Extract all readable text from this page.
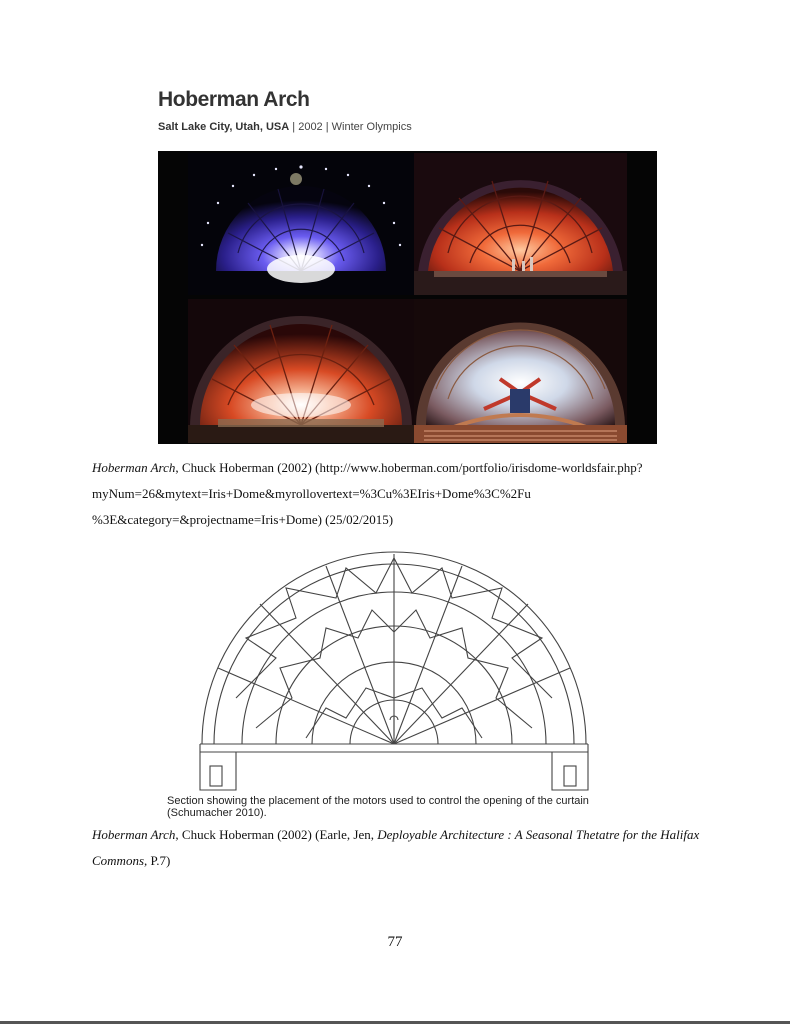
Hoberman Arch
Salt Lake City, Utah, USA | 2002 | Winter Olympics
Hoberman Arch, Chuck Hoberman (2002) (http://www.hoberman.com/portfolio/irisdome-worldsfair.php?
myNum=26&mytext=Iris+Dome&myrollovertext=%3Cu%3EIris+Dome%3C%2Fu
%3E&category=&projectname=Iris+Dome) (25/02/2015)
Section showing the placement of the motors used to control the opening of the curtain
(Schumacher 2010).
Hoberman Arch, Chuck Hoberman (2002) (Earle, Jen, Deployable Architecture : A Seasonal Thetatre for the Halifax
Commons, P.7)
77
